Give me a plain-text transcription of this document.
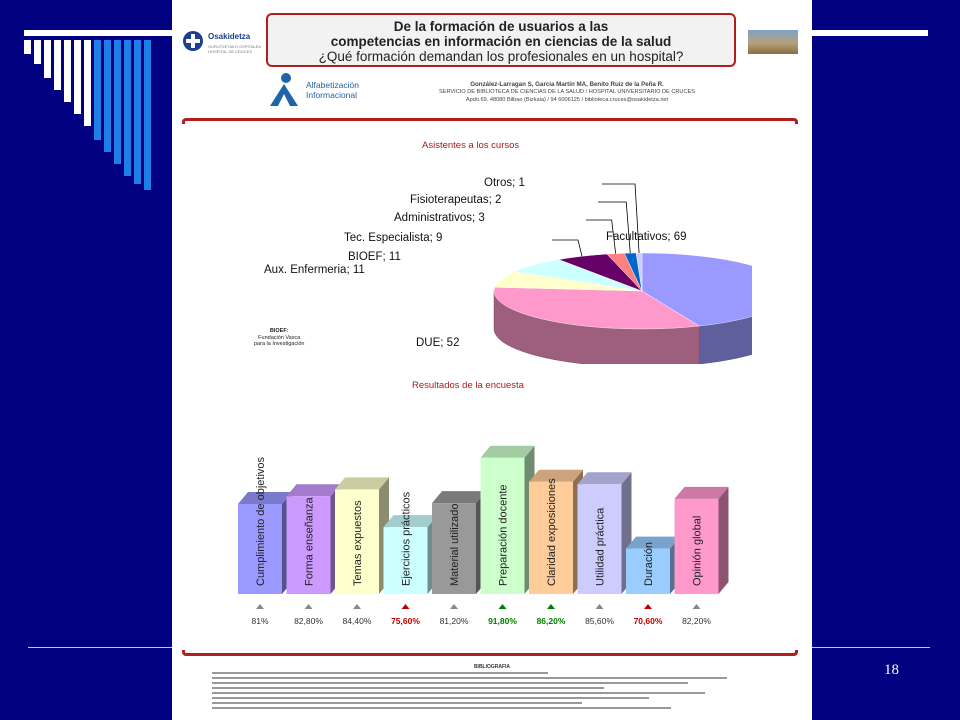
18
Osakidetza
GURUTZETAKO OSPITALEA
HOSPITAL DE CRUCES
De la formación de usuarios a las
competencias en información en ciencias de la salud
¿Qué formación demandan los profesionales en un hospital?
Alfabetización
Informacional
González-Larragan S, García Martín MA, Benito Ruiz de la Peña R.
SERVICIO DE BIBLIOTECA DE CIENCIAS DE LA SALUD / HOSPITAL UNIVERSITARIO DE CRUCES
Apdo.69. 48080 Bilbao (Bizkaia) / 94 6006125 / biblioteca.cruces@osakidetza.net
Asistentes a los cursos
Otros; 1
Fisioterapeutas; 2
Administrativos; 3
Tec. Especialista; 9
BIOEF; 11
Aux. Enfermeria; 11
Facultativos; 69
DUE; 52
BIOEF:
Fundación Vasca
para la Investigación
Resultados de la encuesta
Cumplimiento de objetivos	Forma enseñanza	Temas expuestos	Ejercicios prácticos	Material utilizado	Preparación docente	Claridad exposiciones	Utilidad práctica	Duración	Opinión global
81%	82,80%	84,40%	75,60%	81,20%	91,80%	86,20%	85,60%	70,60%	82,20%
BIBLIOGRAFIA
